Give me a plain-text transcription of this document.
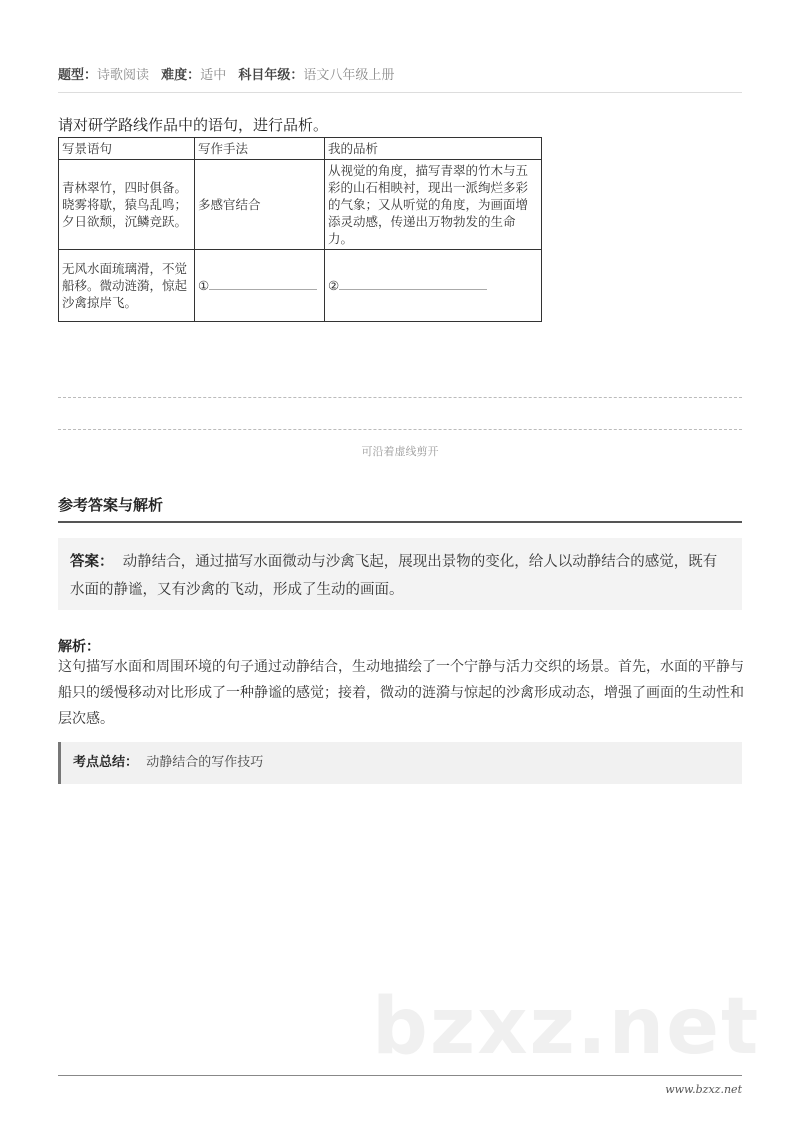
题型：诗歌阅读 难度：适中 科目年级：语文八年级上册
请对研学路线作品中的语句，进行品析。
写景语句	写作手法	我的品析
青林翠竹，四时俱备。晓雾将歇，猿鸟乱鸣；夕日欲颓，沉鳞竞跃。	多感官结合	从视觉的角度，描写青翠的竹木与五彩的山石相映衬，现出一派绚烂多彩的气象；又从听觉的角度，为画面增添灵动感，传递出万物勃发的生命力。
无风水面琉璃滑，不觉船移。微动涟漪，惊起沙禽掠岸飞。	①	②
可沿着虚线剪开
参考答案与解析
答案： 动静结合，通过描写水面微动与沙禽飞起，展现出景物的变化，给人以动静结合的感觉，既有水面的静谧，又有沙禽的飞动，形成了生动的画面。
解析：
这句描写水面和周围环境的句子通过动静结合，生动地描绘了一个宁静与活力交织的场景。首先，水面的平静与船只的缓慢移动对比形成了一种静谧的感觉；接着，微动的涟漪与惊起的沙禽形成动态，增强了画面的生动性和层次感。
考点总结： 动静结合的写作技巧
bzxz.net
www.bzxz.net
